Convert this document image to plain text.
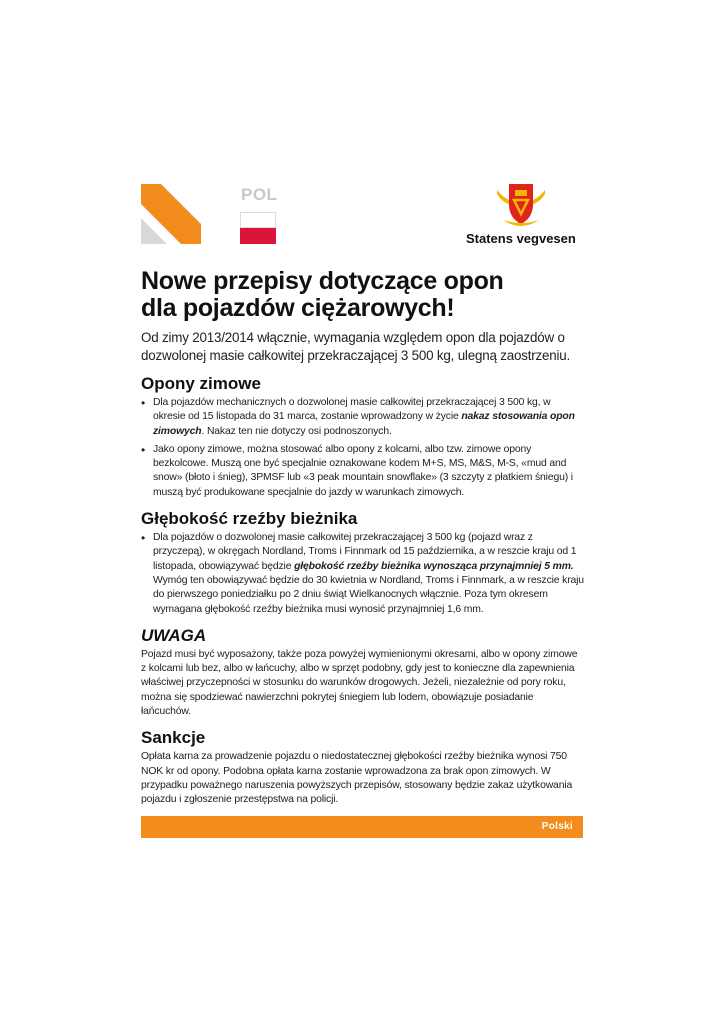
POL
Statens vegvesen
Nowe przepisy dotyczące opon
dla pojazdów ciężarowych!

Od zimy 2013/2014 włącznie, wymagania względem opon dla pojazdów o dozwolonej masie całkowitej przekraczającej 3 500 kg, ulegną zaostrzeniu.

Opony zimowe
• Dla pojazdów mechanicznych o dozwolonej masie całkowitej przekraczającej 3 500 kg, w okresie od 15 listopada do 31 marca, zostanie wprowadzony w życie nakaz stosowania opon zimowych. Nakaz ten nie dotyczy osi podnoszonych.
• Jako opony zimowe, można stosować albo opony z kolcami, albo tzw. zimowe opony bezkolcowe. Muszą one być specjalnie oznakowane kodem M+S, MS, M&S, M-S, «mud and snow» (błoto i śnieg), 3PMSF lub «3 peak mountain snowflake» (3 szczyty z płatkiem śniegu) i muszą być produkowane specjalnie do jazdy w warunkach zimowych.
Głębokość rzeźby bieżnika
• Dla pojazdów o dozwolonej masie całkowitej przekraczającej 3 500 kg (pojazd wraz z przyczepą), w okręgach Nordland, Troms i Finnmark od 15 października, a w reszcie kraju od 1 listopada, obowiązywać będzie głębokość rzeźby bieżnika wynosząca przynajmniej 5 mm. Wymóg ten obowiązywać będzie do 30 kwietnia w Nordland, Troms i Finnmark, a w reszcie kraju do pierwszego poniedziałku po 2 dniu świąt Wielkanocnych włącznie. Poza tym okresem wymagana głębokość rzeźby bieżnika musi wynosić przynajmniej 1,6 mm.
UWAGA

Pojazd musi być wyposażony, także poza powyżej wymienionymi okresami, albo w opony zimowe z kolcami lub bez, albo w łańcuchy, albo w sprzęt podobny, gdy jest to konieczne dla zapewnienia właściwej przyczepności w stosunku do warunków drogowych. Jeżeli, niezależnie od pory roku, można się spodziewać nawierzchni pokrytej śniegiem lub lodem, obowiązuje posiadanie łańcuchów.

Sankcje

Opłata karna za prowadzenie pojazdu o niedostatecznej głębokości rzeźby bieżnika wynosi 750 NOK kr od opony. Podobna opłata karna zostanie wprowadzona za brak opon zimowych. W przypadku poważnego naruszenia powyższych przepisów, stosowany będzie zakaz użytkowania pojazdu i zgłoszenie przestępstwa na policji.

Polski
